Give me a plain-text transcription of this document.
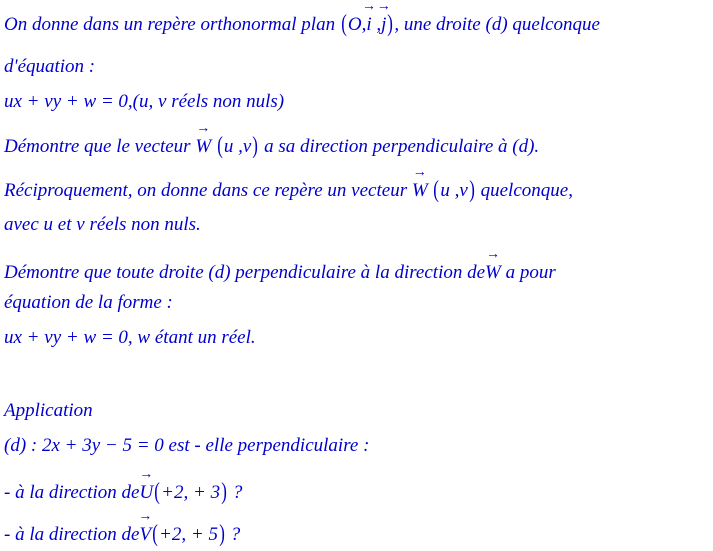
On donne dans un repère orthonormal plan (O,→ i ,→ j), une droite (d) quelconque
d'équation :
ux + vy + w = 0,(u, v réels non nuls)
Démontre que le vecteur → W (u ,v) a sa direction perpendiculaire à (d).
Réciproquement, on donne dans ce repère un vecteur → W (u ,v) quelconque,
avec u et v réels non nuls.
Démontre que toute droite (d) perpendiculaire à la direction de→ W a pour
équation de la forme :
ux + vy + w = 0, w étant un réel.
Application
(d) : 2x + 3y − 5 = 0 est - elle perpendiculaire :
- à la direction de→ U(+2, + 3) ?
- à la direction de→ V(+2, + 5) ?
